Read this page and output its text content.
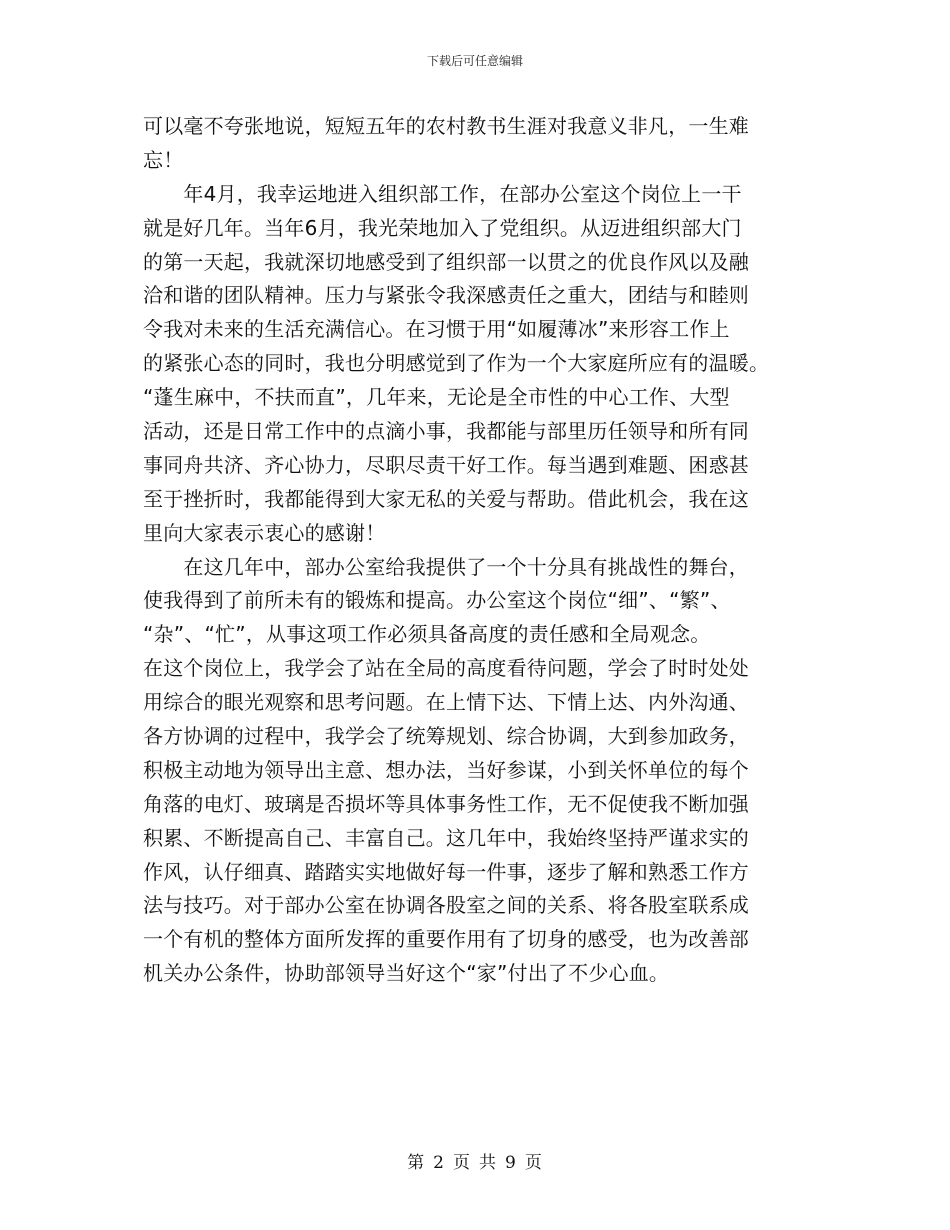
下载后可任意编辑
可以毫不夸张地说，短短五年的农村教书生涯对我意义非凡，一生难
忘！
　　年4月，我幸运地进入组织部工作，在部办公室这个岗位上一干
就是好几年。当年6月，我光荣地加入了党组织。从迈进组织部大门
的第一天起，我就深切地感受到了组织部一以贯之的优良作风以及融
洽和谐的团队精神。压力与紧张令我深感责任之重大，团结与和睦则
令我对未来的生活充满信心。在习惯于用“如履薄冰”来形容工作上
的紧张心态的同时，我也分明感觉到了作为一个大家庭所应有的温暖。
“蓬生麻中，不扶而直”，几年来，无论是全市性的中心工作、大型
活动，还是日常工作中的点滴小事，我都能与部里历任领导和所有同
事同舟共济、齐心协力，尽职尽责干好工作。每当遇到难题、困惑甚
至于挫折时，我都能得到大家无私的关爱与帮助。借此机会，我在这
里向大家表示衷心的感谢！
　　在这几年中，部办公室给我提供了一个十分具有挑战性的舞台，
使我得到了前所未有的锻炼和提高。办公室这个岗位“细”、“繁”、
“杂”、“忙”，从事这项工作必须具备高度的责任感和全局观念。
在这个岗位上，我学会了站在全局的高度看待问题，学会了时时处处
用综合的眼光观察和思考问题。在上情下达、下情上达、内外沟通、
各方协调的过程中，我学会了统筹规划、综合协调，大到参加政务，
积极主动地为领导出主意、想办法，当好参谋，小到关怀单位的每个
角落的电灯、玻璃是否损坏等具体事务性工作，无不促使我不断加强
积累、不断提高自己、丰富自己。这几年中，我始终坚持严谨求实的
作风，认仔细真、踏踏实实地做好每一件事，逐步了解和熟悉工作方
法与技巧。对于部办公室在协调各股室之间的关系、将各股室联系成
一个有机的整体方面所发挥的重要作用有了切身的感受，也为改善部
机关办公条件，协助部领导当好这个“家”付出了不少心血。
第 2 页 共 9 页
